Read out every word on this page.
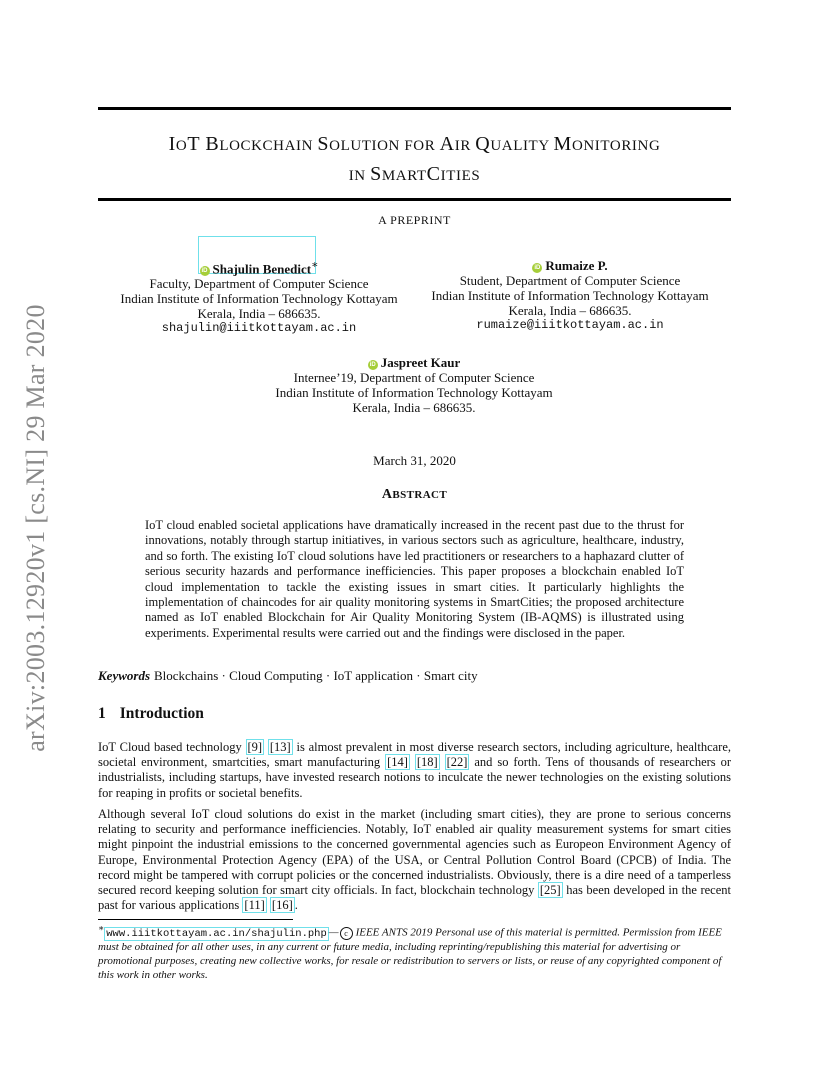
arXiv:2003.12920v1 [cs.NI] 29 Mar 2020
IOT BLOCKCHAIN SOLUTION FOR AIR QUALITY MONITORING
IN SMARTCITIES
A PREPRINT
iD Shajulin Benedict∗
Faculty, Department of Computer Science
Indian Institute of Information Technology Kottayam
Kerala, India – 686635.
shajulin@iiitkottayam.ac.in
iD Rumaize P.
Student, Department of Computer Science
Indian Institute of Information Technology Kottayam
Kerala, India – 686635.
rumaize@iiitkottayam.ac.in
iD Jaspreet Kaur
Internee’19, Department of Computer Science
Indian Institute of Information Technology Kottayam
Kerala, India – 686635.
March 31, 2020
ABSTRACT
IoT cloud enabled societal applications have dramatically increased in the recent past due to the thrust for innovations, notably through startup initiatives, in various sectors such as agriculture, healthcare, industry, and so forth. The existing IoT cloud solutions have led practitioners or researchers to a haphazard clutter of serious security hazards and performance inefficiencies. This paper proposes a blockchain enabled IoT cloud implementation to tackle the existing issues in smart cities. It particularly highlights the implementation of chaincodes for air quality monitoring systems in SmartCities; the proposed architecture named as IoT enabled Blockchain for Air Quality Monitoring System (IB-AQMS) is illustrated using experiments. Experimental results were carried out and the findings were disclosed in the paper.
Keywords Blockchains · Cloud Computing · IoT application · Smart city
1 Introduction
IoT Cloud based technology [9] [13] is almost prevalent in most diverse research sectors, including agriculture, healthcare, societal environment, smartcities, smart manufacturing [14] [18] [22] and so forth. Tens of thousands of researchers or industrialists, including startups, have invested research notions to inculcate the newer technologies on the existing solutions for reaping in profits or societal benefits.
Although several IoT cloud solutions do exist in the market (including smart cities), they are prone to serious concerns relating to security and performance inefficiencies. Notably, IoT enabled air quality measurement systems for smart cities might pinpoint the industrial emissions to the concerned governmental agencies such as Europeon Environment Agency of Europe, Environmental Protection Agency (EPA) of the USA, or Central Pollution Control Board (CPCB) of India. The record might be tampered with corrupt policies or the concerned industrialists. Obviously, there is a dire need of a tamperless secured record keeping solution for smart city officials. In fact, blockchain technology [25] has been developed in the recent past for various applications [11] [16] .
∗ www.iiitkottayam.ac.in/shajulin.php — c IEEE ANTS 2019 Personal use of this material is permitted. Permission from IEEE must be obtained for all other uses, in any current or future media, including reprinting/republishing this material for advertising or promotional purposes, creating new collective works, for resale or redistribution to servers or lists, or reuse of any copyrighted component of this work in other works.
